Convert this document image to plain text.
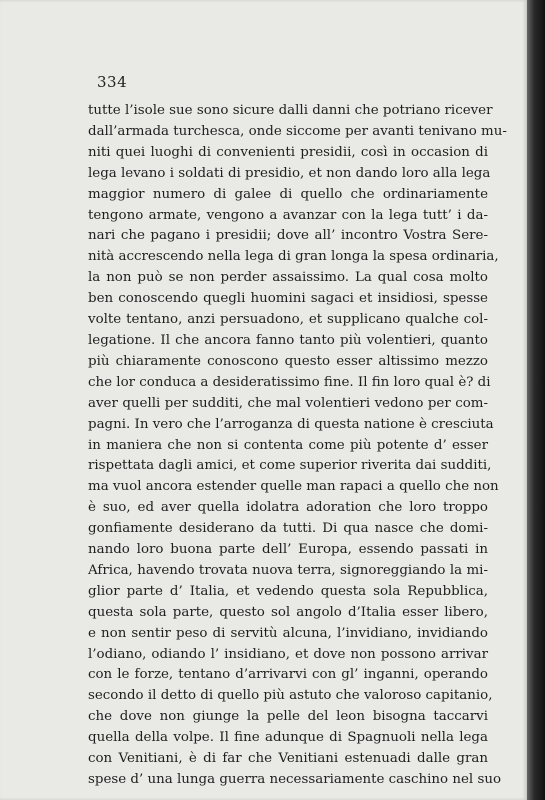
334
tutte l’isole sue sono sicure dalli danni che potriano ricever
dall’armada turchesca, onde siccome per avanti tenivano mu-
niti quei luoghi di convenienti presidii, così in occasion di
lega levano i soldati di presidio, et non dando loro alla lega
maggior numero di galee di quello che ordinariamente
tengono armate, vengono a avanzar con la lega tutt’ i da-
nari che pagano i presidii; dove all’ incontro Vostra Sere-
nità accrescendo nella lega di gran longa la spesa ordinaria,
la non può se non perder assaissimo. La qual cosa molto
ben conoscendo quegli huomini sagaci et insidiosi, spesse
volte tentano, anzi persuadono, et supplicano qualche col-
legatione. Il che ancora fanno tanto più volentieri, quanto
più chiaramente conoscono questo esser altissimo mezzo
che lor conduca a desideratissimo fine. Il fin loro qual è? di
aver quelli per sudditi, che mal volentieri vedono per com-
pagni. In vero che l’arroganza di questa natione è cresciuta
in maniera che non si contenta come più potente d’ esser
rispettata dagli amici, et come superior riverita dai sudditi,
ma vuol ancora estender quelle man rapaci a quello che non
è suo, ed aver quella idolatra adoration che loro troppo
gonfiamente desiderano da tutti. Di qua nasce che domi-
nando loro buona parte dell’ Europa, essendo passati in
Africa, havendo trovata nuova terra, signoreggiando la mi-
glior parte d’ Italia, et vedendo questa sola Repubblica,
questa sola parte, questo sol angolo d’Italia esser libero,
e non sentir peso di servitù alcuna, l’invidiano, invidiando
l’odiano, odiando l’ insidiano, et dove non possono arrivar
con le forze, tentano d’arrivarvi con gl’ inganni, operando
secondo il detto di quello più astuto che valoroso capitanio,
che dove non giunge la pelle del leon bisogna taccarvi
quella della volpe. Il fine adunque di Spagnuoli nella lega
con Venitiani, è di far che Venitiani estenuadi dalle gran
spese d’ una lunga guerra necessariamente caschino nel suo
